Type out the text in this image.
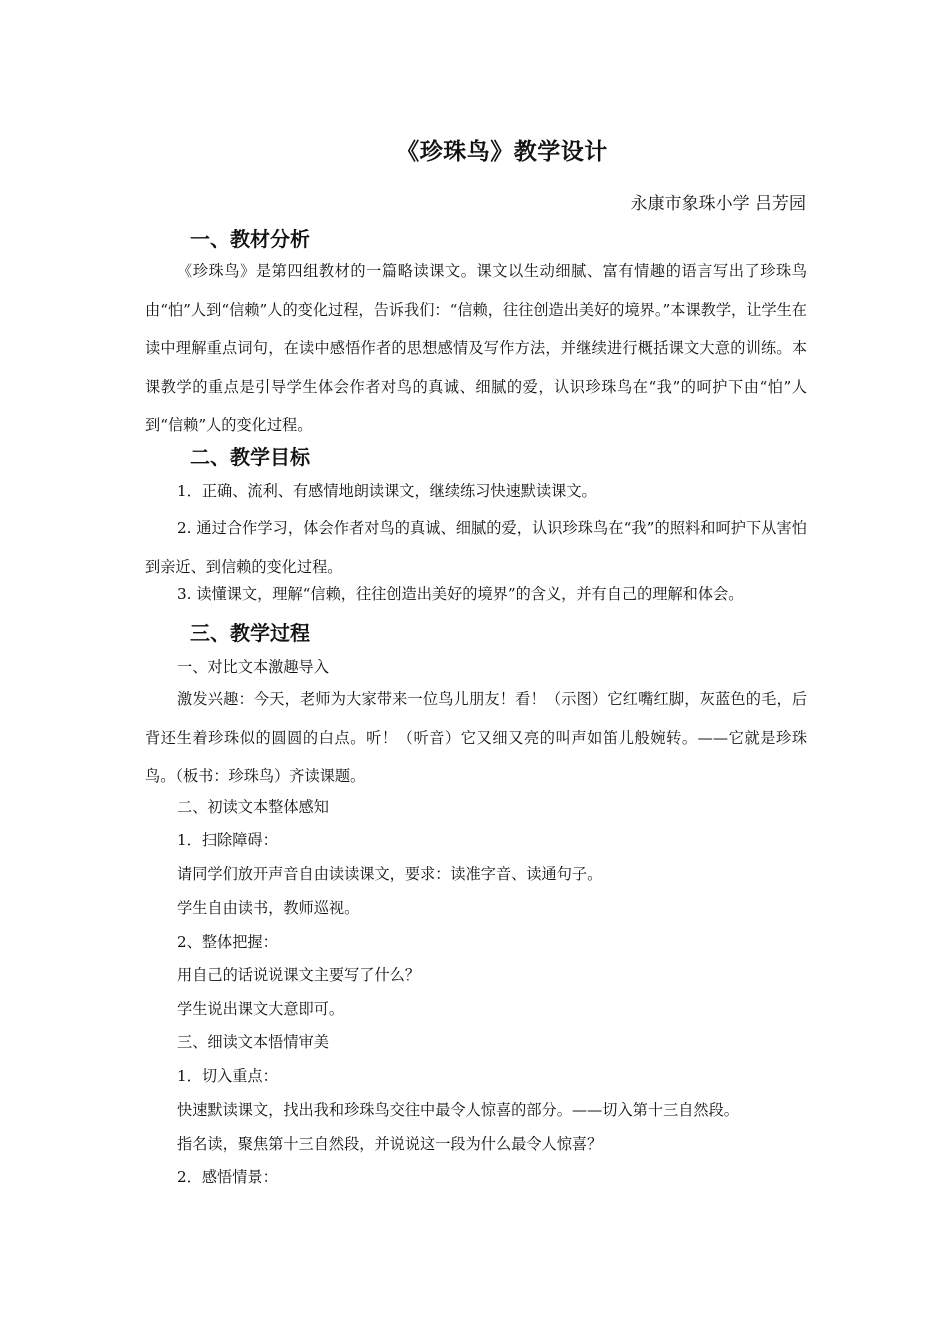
《珍珠鸟》教学设计
永康市象珠小学 吕芳园
一、教材分析
《珍珠鸟》是第四组教材的一篇略读课文。课文以生动细腻、富有情趣的语言写出了珍珠鸟由“怕”人到“信赖”人的变化过程，告诉我们：“信赖，往往创造出美好的境界。”本课教学，让学生在读中理解重点词句，在读中感悟作者的思想感情及写作方法，并继续进行概括课文大意的训练。本课教学的重点是引导学生体会作者对鸟的真诚、细腻的爱，认识珍珠鸟在“我”的呵护下由“怕”人到“信赖”人的变化过程。
二、教学目标
1．正确、流利、有感情地朗读课文，继续练习快速默读课文。
2. 通过合作学习，体会作者对鸟的真诚、细腻的爱，认识珍珠鸟在“我”的照料和呵护下从害怕到亲近、到信赖的变化过程。
3. 读懂课文，理解“信赖，往往创造出美好的境界”的含义，并有自己的理解和体会。
三、教学过程
一、对比文本激趣导入
激发兴趣：今天，老师为大家带来一位鸟儿朋友！看！（示图）它红嘴红脚，灰蓝色的毛，后背还生着珍珠似的圆圆的白点。听！（听音）它又细又亮的叫声如笛儿般婉转。——它就是珍珠鸟。（板书：珍珠鸟）齐读课题。
二、初读文本整体感知
1．扫除障碍：
请同学们放开声音自由读读课文，要求：读准字音、读通句子。
学生自由读书，教师巡视。
2、整体把握：
用自己的话说说课文主要写了什么？
学生说出课文大意即可。
三、细读文本悟情审美
1．切入重点：
快速默读课文，找出我和珍珠鸟交往中最令人惊喜的部分。——切入第十三自然段。
指名读，聚焦第十三自然段，并说说这一段为什么最令人惊喜？
2．感悟情景：
